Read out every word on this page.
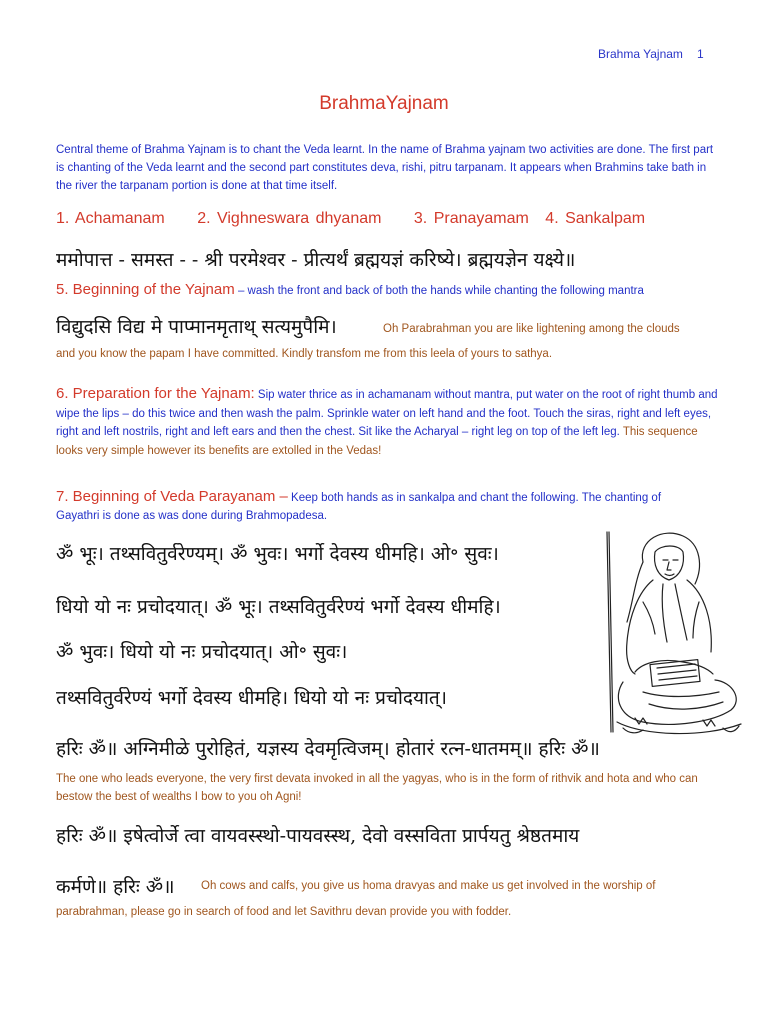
Brahma Yajnam 1
BrahmaYajnam
Central theme of Brahma Yajnam is to chant the Veda learnt. In the name of Brahma yajnam two activities are done. The first part is chanting of the Veda learnt and the second part constitutes deva, rishi, pitru tarpanam. It appears when Brahmins take bath in the river the tarpanam portion is done at that time itself.
1. Achamanam 2. Vighneswara dhyanam 3. Pranayamam 4. Sankalpam
ममोपात्त - समस्त - - श्री परमेश्वर - प्रीत्यर्थं ब्रह्मयज्ञं करिष्ये। ब्रह्मयज्ञेन यक्ष्ये॥
5. Beginning of the Yajnam – wash the front and back of both the hands while chanting the following mantra
विद्युदसि विद्य मे पाप्मानमृताथ् सत्यमुपैमि।	Oh Parabrahman you are like lightening among the clouds
and you know the papam I have committed. Kindly transfom me from this leela of yours to sathya.
6. Preparation for the Yajnam: Sip water thrice as in achamanam without mantra, put water on the root of right thumb and wipe the lips – do this twice and then wash the palm. Sprinkle water on left hand and the foot. Touch the siras, right and left eyes, right and left nostrils, right and left ears and then the chest. Sit like the Acharyal – right leg on top of the left leg. This sequence looks very simple however its benefits are extolled in the Vedas!
7. Beginning of Veda Parayanam – Keep both hands as in sankalpa and chant the following. The chanting of Gayathri is done as was done during Brahmopadesa.
ॐ भूः। तथ्सवितुर्वरेण्यम्। ॐ भुवः। भर्गो देवस्य धीमहि। ओ॰ सुवः।
धियो यो नः प्रचोदयात्। ॐ भूः। तथ्सवितुर्वरेण्यं भर्गो देवस्य धीमहि।
ॐ भुवः। धियो यो नः प्रचोदयात्। ओ॰ सुवः।
तथ्सवितुर्वरेण्यं भर्गो देवस्य धीमहि। धियो यो नः प्रचोदयात्।
हरिः ॐ॥ अग्निमीळे पुरोहितं, यज्ञस्य देवमृत्विजम्। होतारं रत्न-धातमम्॥ हरिः ॐ॥
The one who leads everyone, the very first devata invoked in all the yagyas, who is in the form of rithvik and hota and who can bestow the best of wealths I bow to you oh Agni!
हरिः ॐ॥ इषेत्वोर्जे त्वा वायवस्स्थो-पायवस्स्थ, देवो वस्सविता प्रार्पयतु श्रेष्ठतमाय
कर्मणे॥ हरिः ॐ॥ Oh cows and calfs, you give us homa dravyas and make us get involved in the worship of
parabrahman, please go in search of food and let Savithru devan provide you with fodder.
